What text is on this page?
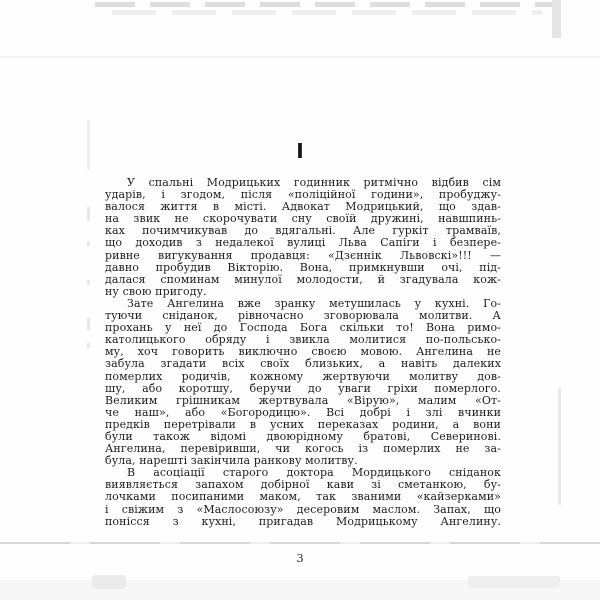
І
У спальні Модрицьких годинник ритмічно відбив сім
ударів, і згодом, після «поліційної години», пробуджу-
валося життя в місті. Адвокат Модрицький, що здав-
на звик не скорочувати сну своїй дружині, навшпинь-
ках почимчикував до вдягальні. Але гуркіт трамваїв,
що доходив з недалекої вулиці Льва Сапіги і безпере-
ривне вигукування продавця: «Дзєннік Львовскі»!!! —
давно пробудив Вікторію. Вона, примкнувши очі, під-
далася споминам минулої молодости, й згадувала кож-
ну свою пригоду.
Зате Ангелина вже зранку метушилась у кухні. Го-
туючи сніданок, рівночасно зговорювала молитви. А
прохань у неї до Господа Бога скільки то! Вона римо-
католицького обряду і звикла молитися по-польсько-
му, хоч говорить виключно своєю мовою. Ангелина не
забула згадати всіх своїх близьких, а навіть далеких
померлих родичів, кожному жертвуючи молитву дов-
шу, або коротшу, беручи до уваги гріхи померлого.
Великим грішникам жертвувала «Вірую», малим «От-
че наш», або «Богородицю». Всі добрі і злі вчинки
предків перетрівали в усних переказах родини, а вони
були також відомі двоюрідному братові, Северинові.
Ангелина, перевіривши, чи когось із померлих не за-
була, нарешті закінчила ранкову молитву.
В асоціації старого доктора Мордицького сніданок
виявляється запахом добірної кави зі сметанкою, бу-
лочками посипаними маком, так званими «кайзерками»
і свіжим з «Маслосоюзу» десеровим маслом. Запах, що
понісся з кухні, пригадав Модрицькому Ангелину.
3
